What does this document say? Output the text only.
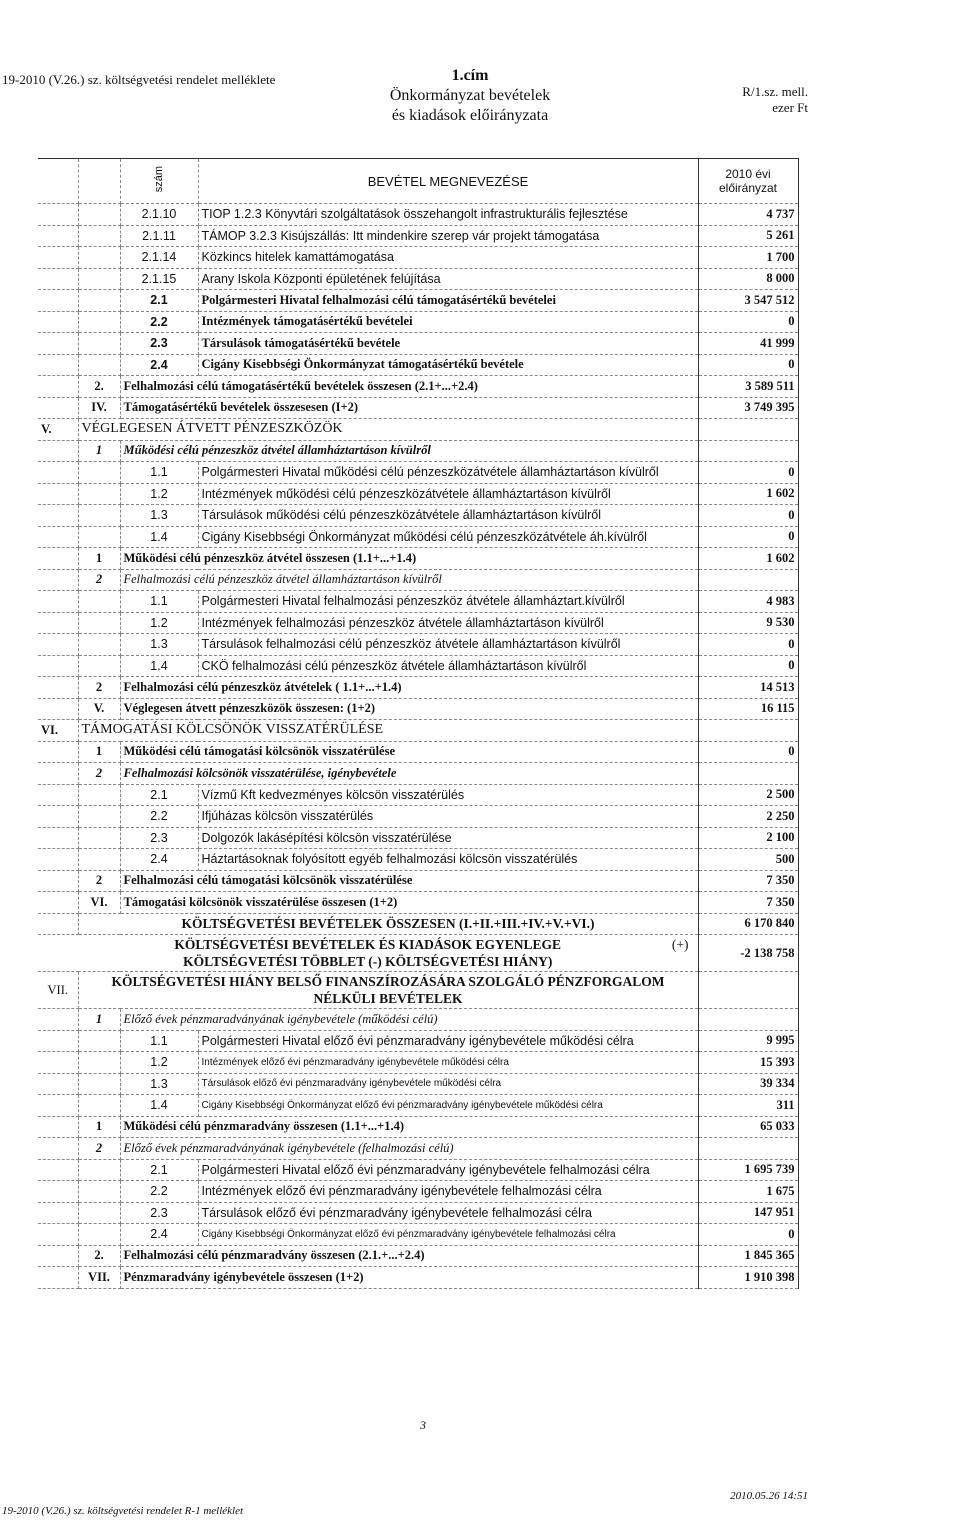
19-2010 (V.26.) sz. költségvetési rendelet melléklete	1.cím
Önkormányzat bevételek
és kiadások előirányzata
R/1.sz. mell.
ezer Ft
		szám	BEVÉTEL MEGNEVEZÉSE	2010 évi előirányzat
		2.1.10	TIOP 1.2.3 Könyvtári szolgáltatások összehangolt infrastrukturális fejlesztése	4 737
		2.1.11	TÁMOP 3.2.3 Kisújszállás: Itt mindenkire szerep vár projekt támogatása	5 261
		2.1.14	Közkincs hitelek kamattámogatása	1 700
		2.1.15	Arany Iskola Központi épületének felújítása	8 000
		2.1	Polgármesteri Hivatal felhalmozási célú támogatásértékű bevételei	3 547 512
		2.2	Intézmények támogatásértékű bevételei	0
		2.3	Társulások támogatásértékű bevétele	41 999
		2.4	Cigány Kisebbségi Önkormányzat támogatásértékű bevétele	0
	2.	Felhalmozási célú támogatásértékű bevételek összesen (2.1+...+2.4)		3 589 511
	IV.	Támogatásértékű bevételek összesesen (I+2)		3 749 395
V.	VÉGLEGESEN ÁTVETT PÉNZESZKÖZÖK			
	1	Működési célú pénzeszköz átvétel államháztartáson kívülről		
		1.1	Polgármesteri Hivatal működési célú pénzeszközátvétele államháztartáson kívülről	0
		1.2	Intézmények működési célú pénzeszközátvétele államháztartáson kívülről	1 602
		1.3	Társulások működési célú pénzeszközátvétele államháztartáson kívülről	0
		1.4	Cigány Kisebbségi Önkormányzat működési célú pénzeszközátvétele áh.kívülről	0
	1	Működési célú pénzeszköz átvétel összesen (1.1+...+1.4)		1 602
	2	Felhalmozási célú pénzeszköz átvétel államháztartáson kívülről		
		1.1	Polgármesteri Hivatal felhalmozási pénzeszköz átvétele államháztart.kívülről	4 983
		1.2	Intézmények felhalmozási pénzeszköz átvétele államháztartáson kívülről	9 530
		1.3	Társulások felhalmozási célú pénzeszköz átvétele államháztartáson kívülről	0
		1.4	CKÖ felhalmozási célú pénzeszköz átvétele államháztartáson kívülről	0
	2	Felhalmozási célú pénzeszköz átvételek ( 1.1+...+1.4)		14 513
	V.	Véglegesen átvett pénzeszközök összesen: (1+2)		16 115
VI.	TÁMOGATÁSI KÖLCSÖNÖK VISSZATÉRÜLÉSE			
	1	Működési célú támogatási kölcsönök visszatérülése		0
	2	Felhalmozási kölcsönök visszatérülése, igénybevétele		
		2.1	Vízmű Kft kedvezményes kölcsön visszatérülés	2 500
		2.2	Ifjúházas kölcsön visszatérülés	2 250
		2.3	Dolgozók lakásépítési kölcsön visszatérülése	2 100
		2.4	Háztartásoknak folyósított egyéb felhalmozási kölcsön visszatérülés	500
	2	Felhalmozási célú támogatási kölcsönök visszatérülése		7 350
	VI.	Támogatási kölcsönök visszatérülése összesen (1+2)		7 350
	KÖLTSÉGVETÉSI BEVÉTELEK ÖSSZESEN (I.+II.+III.+IV.+V.+VI.)			6 170 840

KÖLTSÉGVETÉSI BEVÉTELEK ÉS KIADÁSOK EGYENLEGE (+)
KÖLTSÉGVETÉSI TÖBBLET (-) KÖLTSÉGVETÉSI HIÁNY)				-2 138 758
VII.	KÖLTSÉGVETÉSI HIÁNY BELSŐ FINANSZÍROZÁSÁRA SZOLGÁLÓ PÉNZFORGALOM
NÉLKÜLI BEVÉTELEK			

	1	Előző évek pénzmaradványának igénybevétele (működési célú)		
		1.1	Polgármesteri Hivatal előző évi pénzmaradvány igénybevétele működési célra	9 995
		1.2	Intézmények előző évi pénzmaradvány igénybevétele működési célra	15 393
		1.3	Társulások előző évi pénzmaradvány igénybevétele működési célra	39 334
		1.4	Cigány Kisebbségi Önkormányzat előző évi pénzmaradvány igénybevétele működési célra	311
	1	Működési célú pénzmaradvány összesen (1.1+...+1.4)		65 033
	2	Előző évek pénzmaradványának igénybevétele (felhalmozási célú)		
		2.1	Polgármesteri Hivatal előző évi pénzmaradvány igénybevétele felhalmozási célra	1 695 739
		2.2	Intézmények előző évi pénzmaradvány igénybevétele felhalmozási célra	1 675
		2.3	Társulások előző évi pénzmaradvány igénybevétele felhalmozási célra	147 951
		2.4	Cigány Kisebbségi Önkormányzat előző évi pénzmaradvány igénybevétele felhalmozási célra	0
	2.	Felhalmozási célú pénzmaradvány összesen (2.1.+...+2.4)		1 845 365
	VII.	Pénzmaradvány igénybevétele összesen (1+2)		1 910 398
3
19-2010 (V.26.) sz. költségvetési rendelet R-1 melléklet
2010.05.26 14:51
